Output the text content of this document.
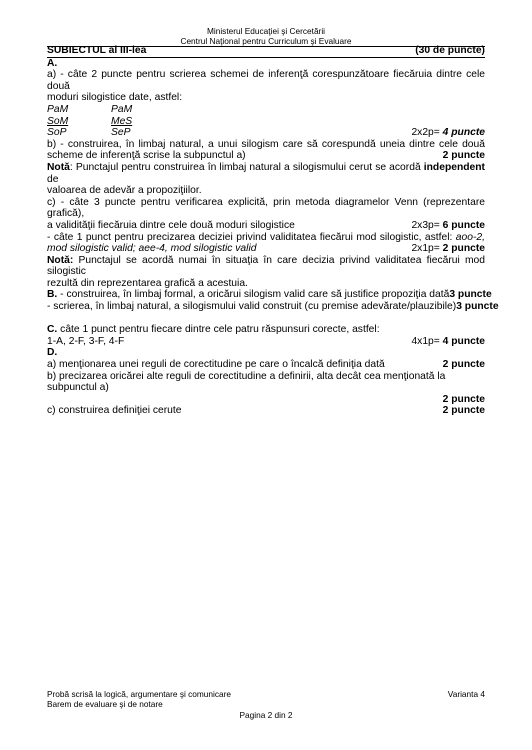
Ministerul Educaţiei şi Cercetării

Centrul Naţional pentru Curriculum şi Evaluare
SUBIECTUL al III-lea	(30 de puncte)
A.
a) - câte 2 puncte pentru scrierea schemei de inferenţă corespunzătoare fiecăruia dintre cele două
moduri silogistice date, astfel:
PaM	PaM
SoM	MeS
SoP	SeP	2x2p= 4 puncte
b) - construirea, în limbaj natural, a unui silogism care să corespundă uneia dintre cele două
scheme de inferenţă scrise la subpunctul a)	2 puncte
Notă: Punctajul pentru construirea în limbaj natural a silogismului cerut se acordă independent de
valoarea de adevăr a propoziţiilor.
c) - câte 3 puncte pentru verificarea explicită, prin metoda diagramelor Venn (reprezentare grafică),
a validităţii fiecăruia dintre cele două moduri silogistice	2x3p= 6 puncte
- câte 1 punct pentru precizarea deciziei privind validitatea fiecărui mod silogistic, astfel: aoo-2,
mod silogistic valid; aee-4, mod silogistic valid	2x1p= 2 puncte
Notă: Punctajul se acordă numai în situaţia în care decizia privind validitatea fiecărui mod silogistic
rezultă din reprezentarea grafică a acestuia.
B. - construirea, în limbaj formal, a oricărui silogism valid care să justifice propoziţia dată 3 puncte
- scrierea, în limbaj natural, a silogismului valid construit (cu premise adevărate/plauzibile) 3 puncte
C. câte 1 punct pentru fiecare dintre cele patru răspunsuri corecte, astfel:
1-A, 2-F, 3-F, 4-F	4x1p= 4 puncte
D.
a) menţionarea unei reguli de corectitudine pe care o încalcă definiţia dată	2 puncte
b) precizarea oricărei alte reguli de corectitudine a definirii, alta decât cea menţionată la subpunctul a)
2 puncte
c) construirea definiţiei cerute	2 puncte
Probă scrisă la logică, argumentare şi comunicare	Varianta 4
Barem de evaluare şi de notare
Pagina 2 din 2
